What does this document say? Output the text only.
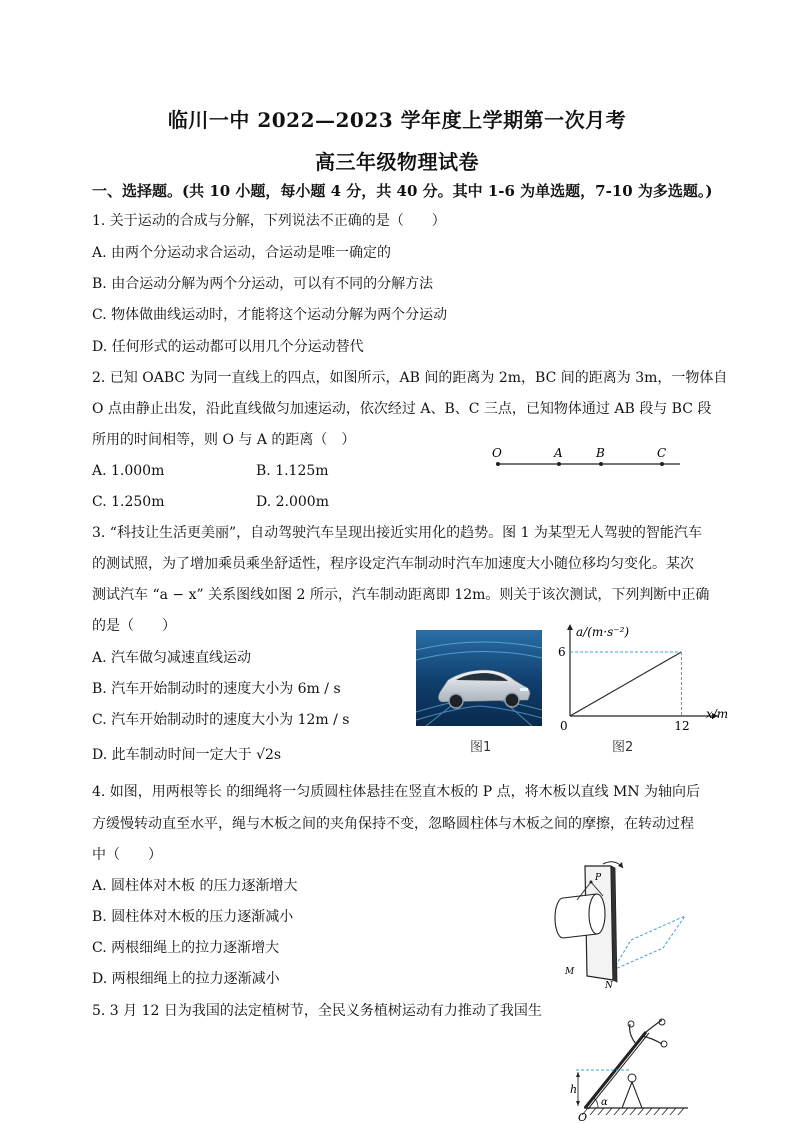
临川一中 2022—2023 学年度上学期第一次月考
高三年级物理试卷
一、选择题。(共 10 小题，每小题 4 分，共 40 分。其中 1-6 为单选题，7-10 为多选题。)
1. 关于运动的合成与分解，下列说法不正确的是（　　）
A. 由两个分运动求合运动，合运动是唯一确定的
B. 由合运动分解为两个分运动，可以有不同的分解方法
C. 物体做曲线运动时，才能将这个运动分解为两个分运动
D. 任何形式的运动都可以用几个分运动替代
2. 已知 OABC 为同一直线上的四点，如图所示，AB 间的距离为 2m，BC 间的距离为 3m，一物体自
O 点由静止出发，沿此直线做匀加速运动，依次经过 A、B、C 三点，已知物体通过 AB 段与 BC 段
所用的时间相等，则 O 与 A 的距离（　）
A. 1.000m	B. 1.125m
C. 1.250m	D. 2.000m
O	A	B	C
3. “科技让生活更美丽”，自动驾驶汽车呈现出接近实用化的趋势。图 1 为某型无人驾驶的智能汽车
的测试照，为了增加乘员乘坐舒适性，程序设定汽车制动时汽车加速度大小随位移均匀变化。某次
测试汽车 “a − x” 关系图线如图 2 所示，汽车制动距离即 12m。则关于该次测试，下列判断中正确
的是（　　）
A. 汽车做匀减速直线运动
B. 汽车开始制动时的速度大小为 6m / s
C. 汽车开始制动时的速度大小为 12m / s
D. 此车制动时间一定大于 √2s	图1
6
0	12
a/(m·s⁻²)
x/m
图2
4. 如图，用两根等长 的细绳将一匀质圆柱体悬挂在竖直木板的 P 点，将木板以直线 MN 为轴向后
方缓慢转动直至水平，绳与木板之间的夹角保持不变，忽略圆柱体与木板之间的摩擦，在转动过程
中（　　）
A. 圆柱体对木板 的压力逐渐增大
B. 圆柱体对木板的压力逐渐减小
C. 两根细绳上的拉力逐渐增大
D. 两根细绳上的拉力逐渐减小
P
M
N
5. 3 月 12 日为我国的法定植树节，全民义务植树运动有力推动了我国生
h
O
α
